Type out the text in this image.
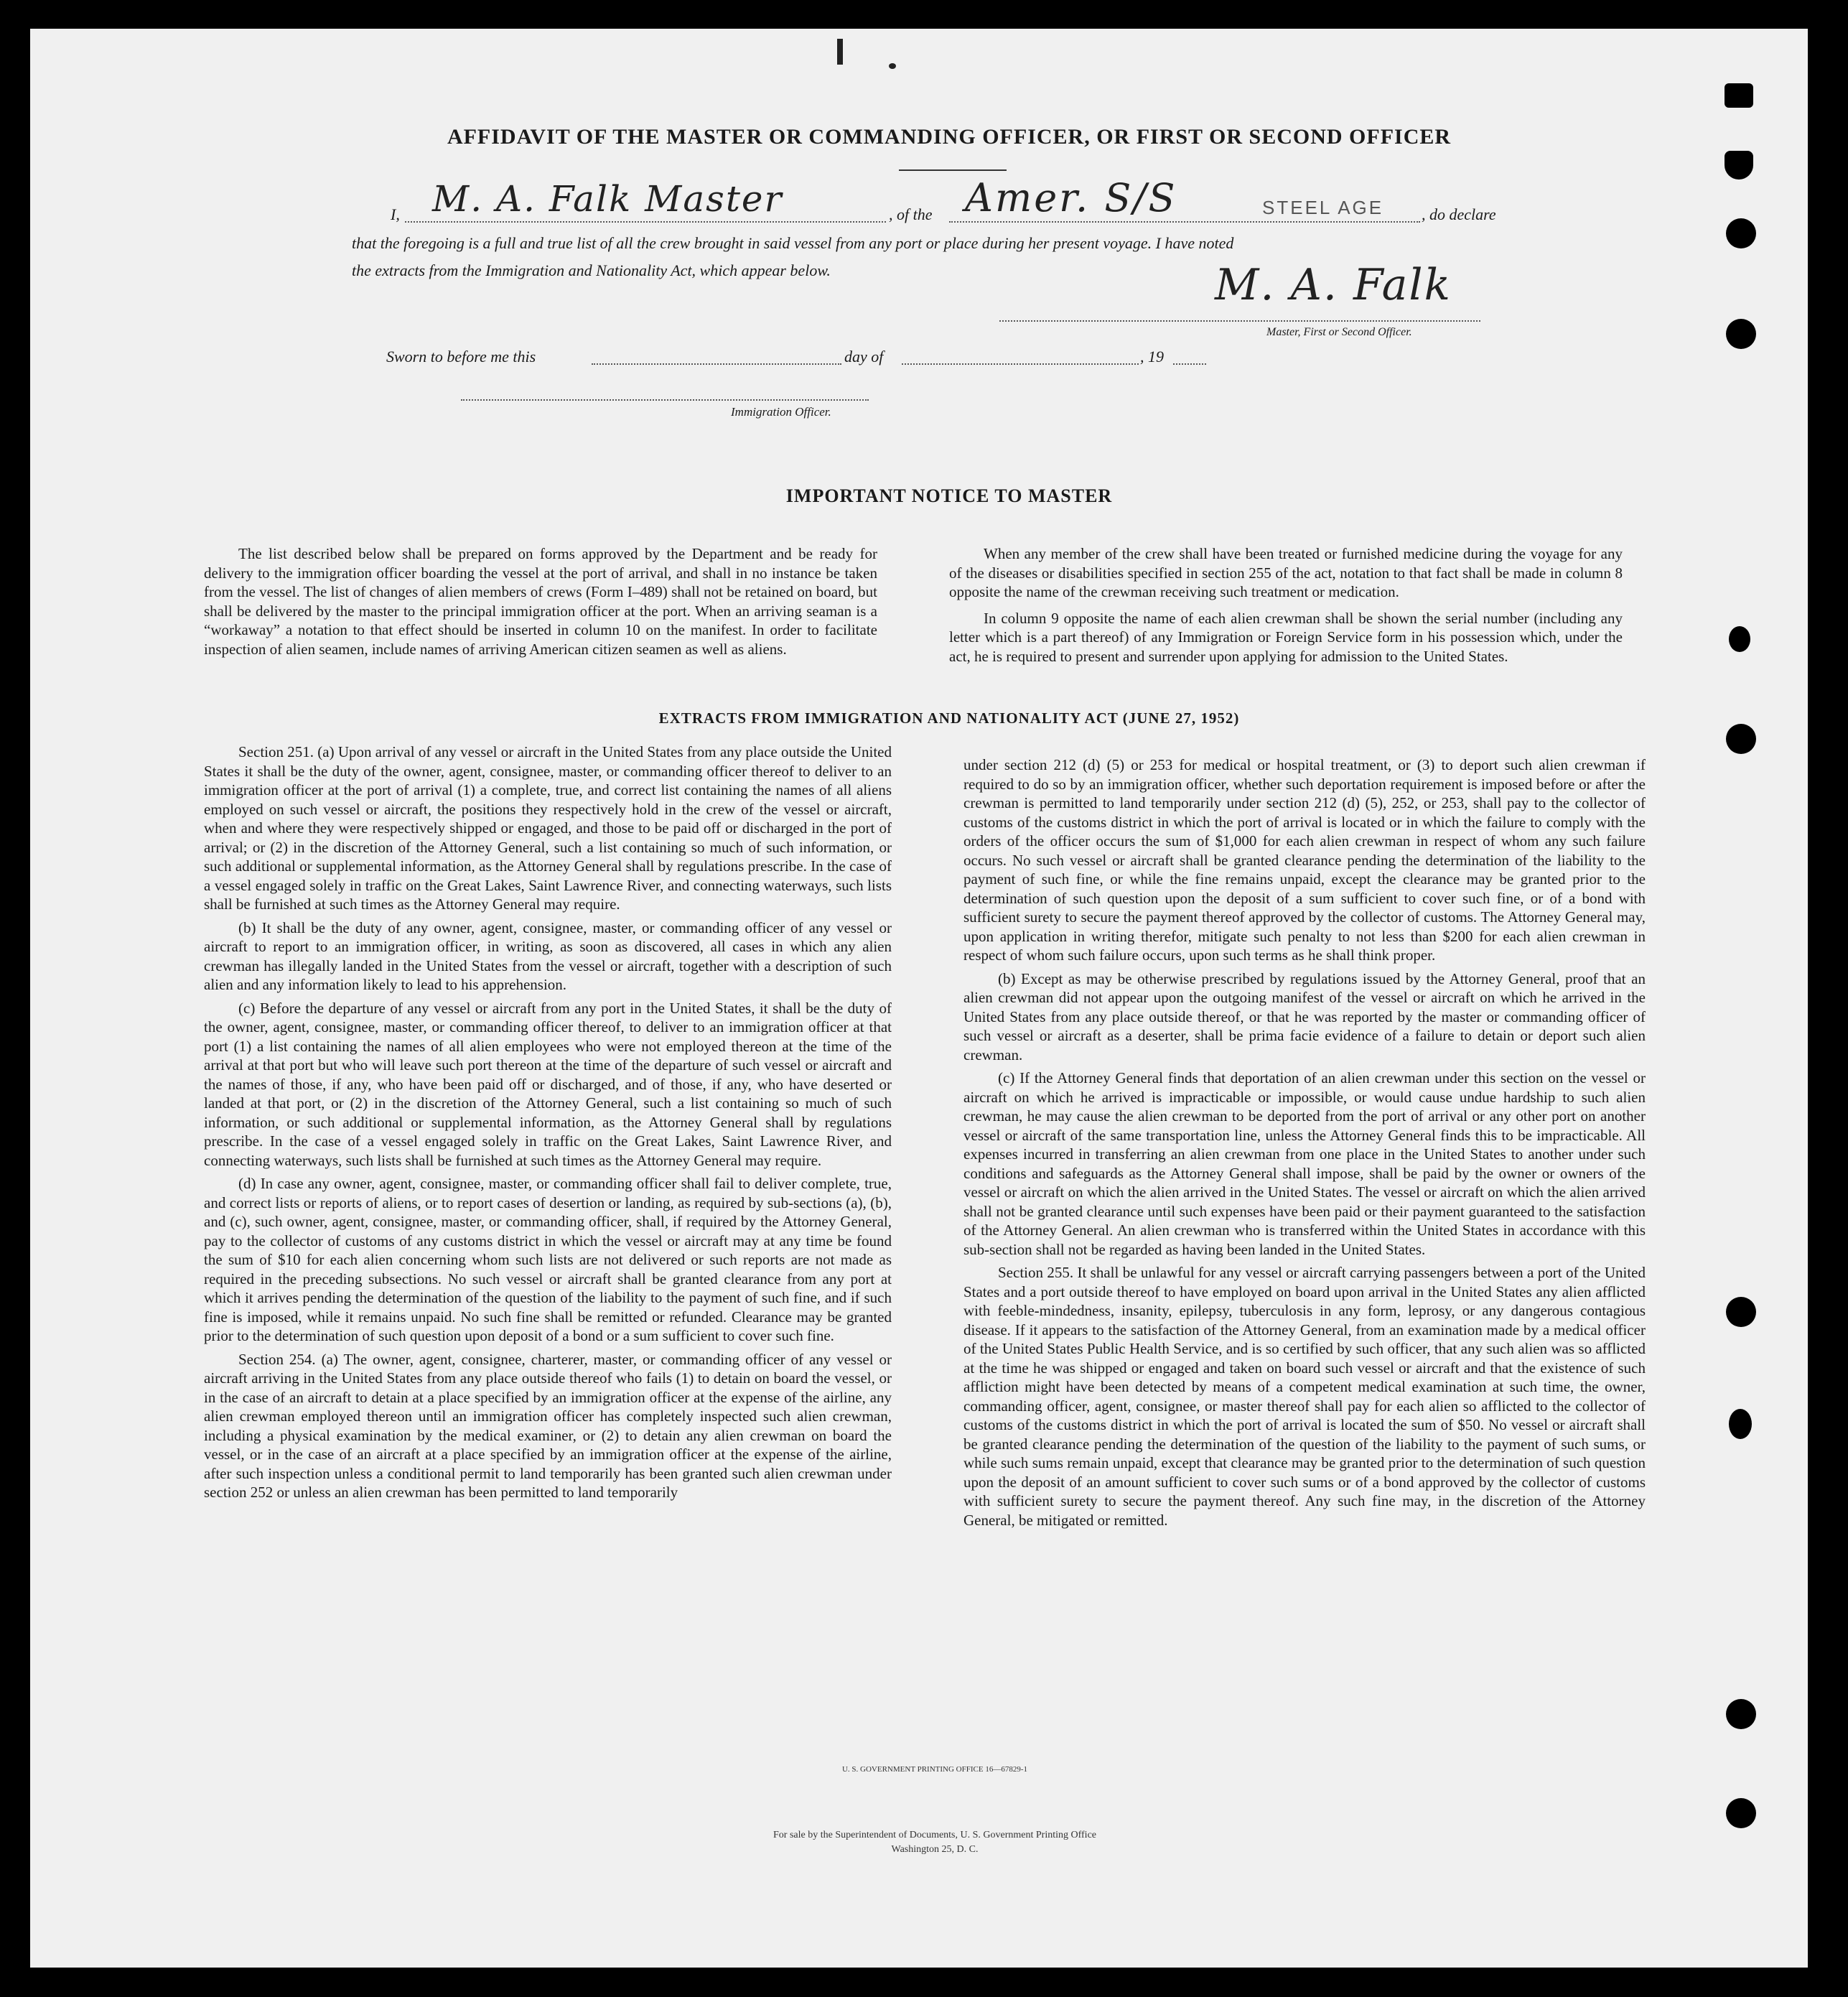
AFFIDAVIT OF THE MASTER OR COMMANDING OFFICER, OR FIRST OR SECOND OFFICER
I, M. A. Falk Master	, of the Amer. S/S	STEEL AGE , do declare
that the foregoing is a full and true list of all the crew brought in said vessel from any port or place during her present voyage. I have noted
the extracts from the Immigration and Nationality Act, which appear below.	M. A. Falk
Master, First or Second Officer.
Sworn to before me this	day of	, 19
Immigration Officer.
IMPORTANT NOTICE TO MASTER

The list described below shall be prepared on forms approved by the Department and be ready for delivery to the immigration officer boarding the vessel at the port of arrival, and shall in no instance be taken from the vessel. The list of changes of alien members of crews (Form I–489) shall not be retained on board, but shall be delivered by the master to the principal immigration officer at the port. When an arriving seaman is a “workaway” a notation to that effect should be inserted in column 10 on the manifest. In order to facilitate inspection of alien seamen, include names of arriving American citizen seamen as well as aliens.

When any member of the crew shall have been treated or furnished medicine during the voyage for any of the diseases or disabilities specified in section 255 of the act, notation to that fact shall be made in column 8 opposite the name of the crewman receiving such treatment or medication.

In column 9 opposite the name of each alien crewman shall be shown the serial number (including any letter which is a part thereof) of any Immigration or Foreign Service form in his possession which, under the act, he is required to present and surrender upon applying for admission to the United States.

EXTRACTS FROM IMMIGRATION AND NATIONALITY ACT (JUNE 27, 1952)

Section 251. (a) Upon arrival of any vessel or aircraft in the United States from any place outside the United States it shall be the duty of the owner, agent, consignee, master, or commanding officer thereof to deliver to an immigration officer at the port of arrival (1) a complete, true, and correct list containing the names of all aliens employed on such vessel or aircraft, the positions they respectively hold in the crew of the vessel or aircraft, when and where they were respectively shipped or engaged, and those to be paid off or discharged in the port of arrival; or (2) in the discretion of the Attorney General, such a list containing so much of such information, or such additional or supplemental information, as the Attorney General shall by regulations prescribe. In the case of a vessel engaged solely in traffic on the Great Lakes, Saint Lawrence River, and connecting waterways, such lists shall be furnished at such times as the Attorney General may require.

(b) It shall be the duty of any owner, agent, consignee, master, or commanding officer of any vessel or aircraft to report to an immigration officer, in writing, as soon as discovered, all cases in which any alien crewman has illegally landed in the United States from the vessel or aircraft, together with a description of such alien and any information likely to lead to his apprehension.

(c) Before the departure of any vessel or aircraft from any port in the United States, it shall be the duty of the owner, agent, consignee, master, or commanding officer thereof, to deliver to an immigration officer at that port (1) a list containing the names of all alien employees who were not employed thereon at the time of the arrival at that port but who will leave such port thereon at the time of the departure of such vessel or aircraft and the names of those, if any, who have been paid off or discharged, and of those, if any, who have deserted or landed at that port, or (2) in the discretion of the Attorney General, such a list containing so much of such information, or such additional or supplemental information, as the Attorney General shall by regulations prescribe. In the case of a vessel engaged solely in traffic on the Great Lakes, Saint Lawrence River, and connecting waterways, such lists shall be furnished at such times as the Attorney General may require.

(d) In case any owner, agent, consignee, master, or commanding officer shall fail to deliver complete, true, and correct lists or reports of aliens, or to report cases of desertion or landing, as required by sub-sections (a), (b), and (c), such owner, agent, consignee, master, or commanding officer, shall, if required by the Attorney General, pay to the collector of customs of any customs district in which the vessel or aircraft may at any time be found the sum of $10 for each alien concerning whom such lists are not delivered or such reports are not made as required in the preceding subsections. No such vessel or aircraft shall be granted clearance from any port at which it arrives pending the determination of the question of the liability to the payment of such fine, and if such fine is imposed, while it remains unpaid. No such fine shall be remitted or refunded. Clearance may be granted prior to the determination of such question upon deposit of a bond or a sum sufficient to cover such fine.

Section 254. (a) The owner, agent, consignee, charterer, master, or commanding officer of any vessel or aircraft arriving in the United States from any place outside thereof who fails (1) to detain on board the vessel, or in the case of an aircraft to detain at a place specified by an immigration officer at the expense of the airline, any alien crewman employed thereon until an immigration officer has completely inspected such alien crewman, including a physical examination by the medical examiner, or (2) to detain any alien crewman on board the vessel, or in the case of an aircraft at a place specified by an immigration officer at the expense of the airline, after such inspection unless a conditional permit to land temporarily has been granted such alien crewman under section 252 or unless an alien crewman has been permitted to land temporarily

under section 212 (d) (5) or 253 for medical or hospital treatment, or (3) to deport such alien crewman if required to do so by an immigration officer, whether such deportation requirement is imposed before or after the crewman is permitted to land temporarily under section 212 (d) (5), 252, or 253, shall pay to the collector of customs of the customs district in which the port of arrival is located or in which the failure to comply with the orders of the officer occurs the sum of $1,000 for each alien crewman in respect of whom any such failure occurs. No such vessel or aircraft shall be granted clearance pending the determination of the liability to the payment of such fine, or while the fine remains unpaid, except the clearance may be granted prior to the determination of such question upon the deposit of a sum sufficient to cover such fine, or of a bond with sufficient surety to secure the payment thereof approved by the collector of customs. The Attorney General may, upon application in writing therefor, mitigate such penalty to not less than $200 for each alien crewman in respect of whom such failure occurs, upon such terms as he shall think proper.

(b) Except as may be otherwise prescribed by regulations issued by the Attorney General, proof that an alien crewman did not appear upon the outgoing manifest of the vessel or aircraft on which he arrived in the United States from any place outside thereof, or that he was reported by the master or commanding officer of such vessel or aircraft as a deserter, shall be prima facie evidence of a failure to detain or deport such alien crewman.

(c) If the Attorney General finds that deportation of an alien crewman under this section on the vessel or aircraft on which he arrived is impracticable or impossible, or would cause undue hardship to such alien crewman, he may cause the alien crewman to be deported from the port of arrival or any other port on another vessel or aircraft of the same transportation line, unless the Attorney General finds this to be impracticable. All expenses incurred in transferring an alien crewman from one place in the United States to another under such conditions and safeguards as the Attorney General shall impose, shall be paid by the owner or owners of the vessel or aircraft on which the alien arrived in the United States. The vessel or aircraft on which the alien arrived shall not be granted clearance until such expenses have been paid or their payment guaranteed to the satisfaction of the Attorney General. An alien crewman who is transferred within the United States in accordance with this sub-section shall not be regarded as having been landed in the United States.

Section 255. It shall be unlawful for any vessel or aircraft carrying passengers between a port of the United States and a port outside thereof to have employed on board upon arrival in the United States any alien afflicted with feeble-mindedness, insanity, epilepsy, tuberculosis in any form, leprosy, or any dangerous contagious disease. If it appears to the satisfaction of the Attorney General, from an examination made by a medical officer of the United States Public Health Service, and is so certified by such officer, that any such alien was so afflicted at the time he was shipped or engaged and taken on board such vessel or aircraft and that the existence of such affliction might have been detected by means of a competent medical examination at such time, the owner, commanding officer, agent, consignee, or master thereof shall pay for each alien so afflicted to the collector of customs of the customs district in which the port of arrival is located the sum of $50. No vessel or aircraft shall be granted clearance pending the determination of the question of the liability to the payment of such sums, or while such sums remain unpaid, except that clearance may be granted prior to the determination of such question upon the deposit of an amount sufficient to cover such sums or of a bond approved by the collector of customs with sufficient surety to secure the payment thereof. Any such fine may, in the discretion of the Attorney General, be mitigated or remitted.

U. S. GOVERNMENT PRINTING OFFICE 16—67829-1
For sale by the Superintendent of Documents, U. S. Government Printing Office
Washington 25, D. C.
